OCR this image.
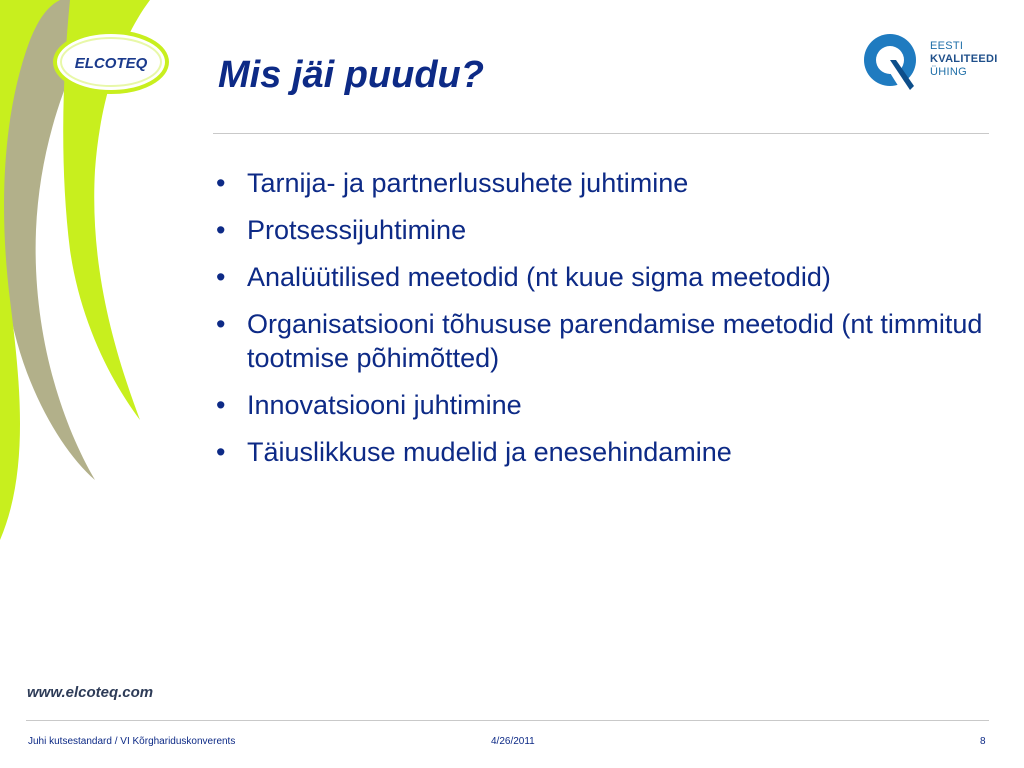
ELCOTEQ
EESTI
KVALITEEDI
ÜHING
Mis jäi puudu?
• Tarnija- ja partnerlussuhete juhtimine
• Protsessijuhtimine
• Analüütilised meetodid (nt kuue sigma meetodid)
• Organisatsiooni tõhususe parendamise meetodid (nt timmitud tootmise põhimõtted)
• Innovatsiooni juhtimine
• Täiuslikkuse mudelid ja enesehindamine
www.elcoteq.com
Juhi kutsestandard / VI Kõrghariduskonverents	4/26/2011	8
